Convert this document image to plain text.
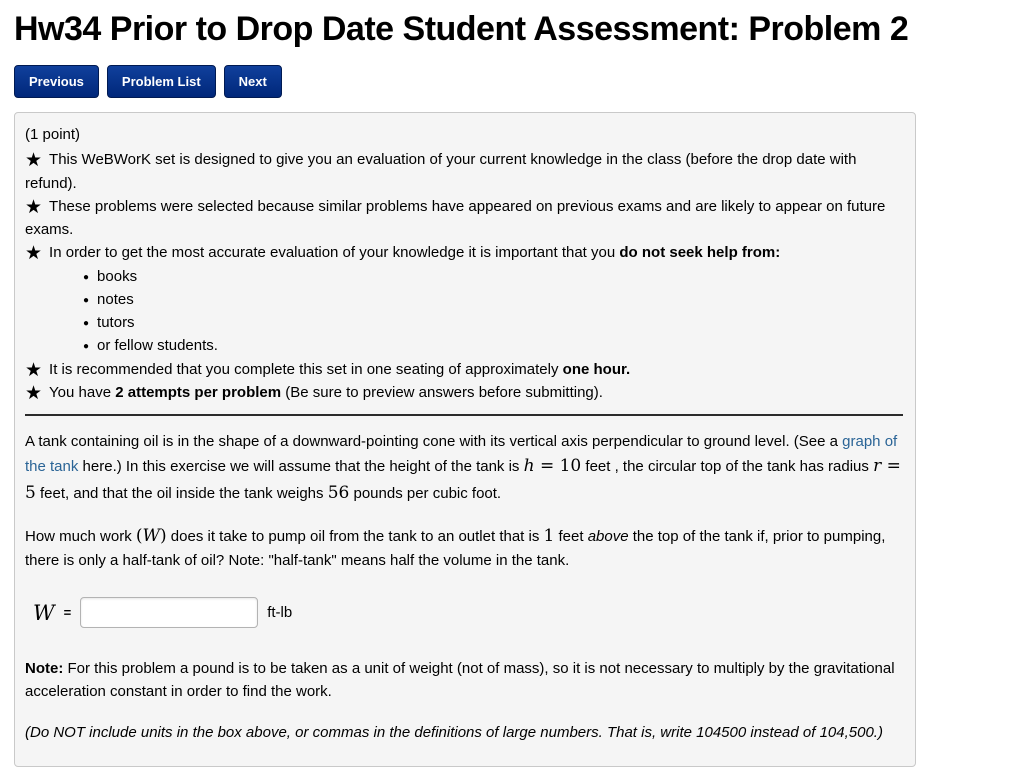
Hw34 Prior to Drop Date Student Assessment: Problem 2
Previous	Problem List	Next

(1 point)

★ This WeBWorK set is designed to give you an evaluation of your current knowledge in the class (before the drop date with refund).

★ These problems were selected because similar problems have appeared on previous exams and are likely to appear on future exams.

★ In order to get the most accurate evaluation of your knowledge it is important that you do not seek help from:

● books
● notes
● tutors
● or fellow students.

★ It is recommended that you complete this set in one seating of approximately one hour.

★ You have 2 attempts per problem (Be sure to preview answers before submitting).

A tank containing oil is in the shape of a downward-pointing cone with its vertical axis perpendicular to ground level. (See a graph of the tank here.) In this exercise we will assume that the height of the tank is h = 10 feet , the circular top of the tank has radius r = 5 feet, and that the oil inside the tank weighs 56 pounds per cubic foot.

How much work (W) does it take to pump oil from the tank to an outlet that is 1 feet above the top of the tank if, prior to pumping, there is only a half-tank of oil? Note: "half-tank" means half the volume in the tank.

W =	ft-lb

Note: For this problem a pound is to be taken as a unit of weight (not of mass), so it is not necessary to multiply by the gravitational acceleration constant in order to find the work.

(Do NOT include units in the box above, or commas in the definitions of large numbers. That is, write 104500 instead of 104,500.)
